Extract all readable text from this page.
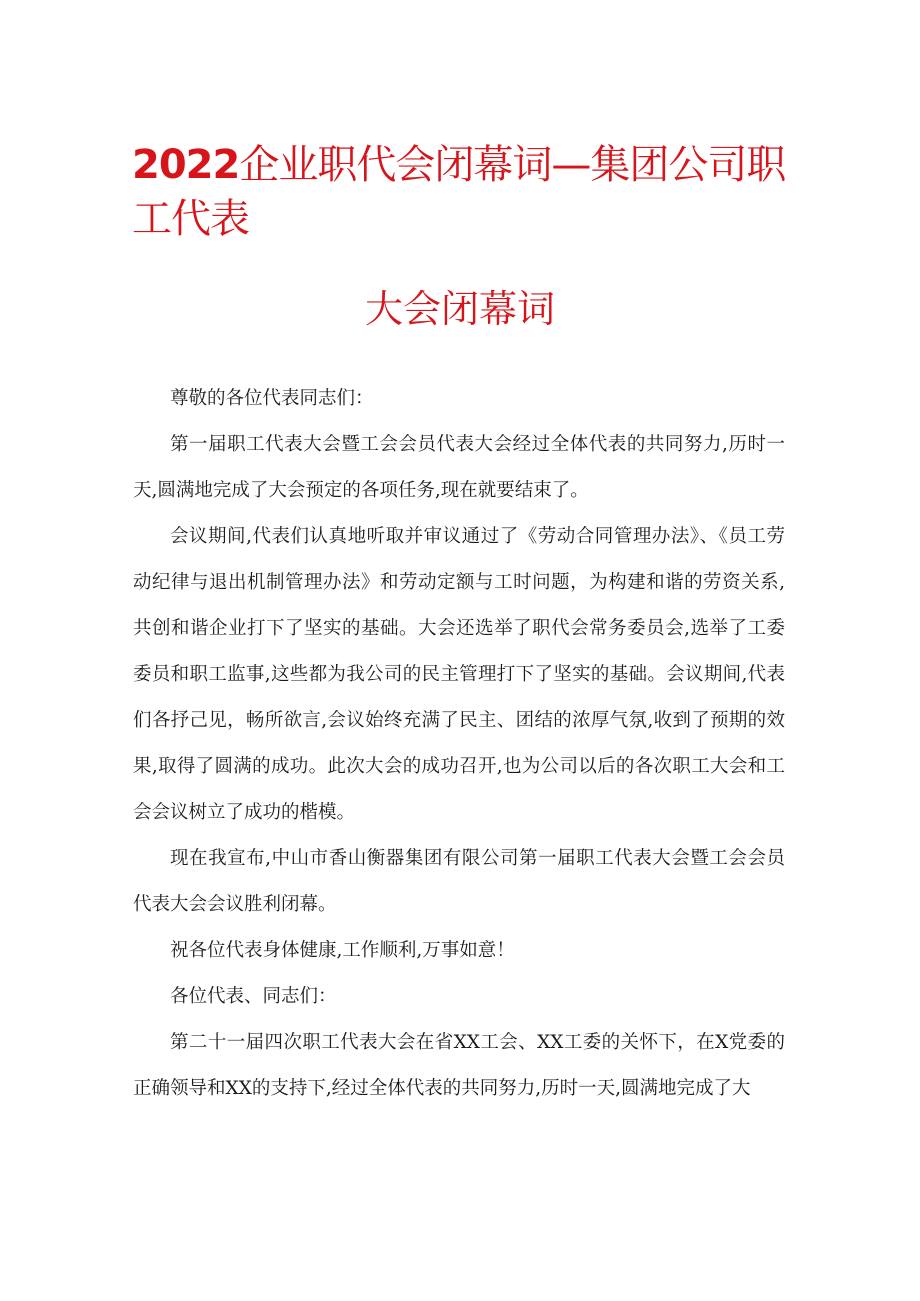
2022企业职代会闭幕词—集团公司职工代表
大会闭幕词

尊敬的各位代表同志们：

第一届职工代表大会暨工会会员代表大会经过全体代表的共同努力,历时一天,圆满地完成了大会预定的各项任务,现在就要结束了。

会议期间,代表们认真地听取并审议通过了《劳动合同管理办法》、《员工劳动纪律与退出机制管理办法》和劳动定额与工时问题，为构建和谐的劳资关系,共创和谐企业打下了坚实的基础。大会还选举了职代会常务委员会,选举了工委委员和职工监事,这些都为我公司的民主管理打下了坚实的基础。会议期间,代表们各抒己见，畅所欲言,会议始终充满了民主、团结的浓厚气氛,收到了预期的效果,取得了圆满的成功。此次大会的成功召开,也为公司以后的各次职工大会和工会会议树立了成功的楷模。

现在我宣布,中山市香山衡器集团有限公司第一届职工代表大会暨工会会员代表大会会议胜利闭幕。

祝各位代表身体健康,工作顺利,万事如意！

各位代表、同志们：

第二十一届四次职工代表大会在省XX工会、XX工委的关怀下，在X党委的正确领导和XX的支持下,经过全体代表的共同努力,历时一天,圆满地完成了大
